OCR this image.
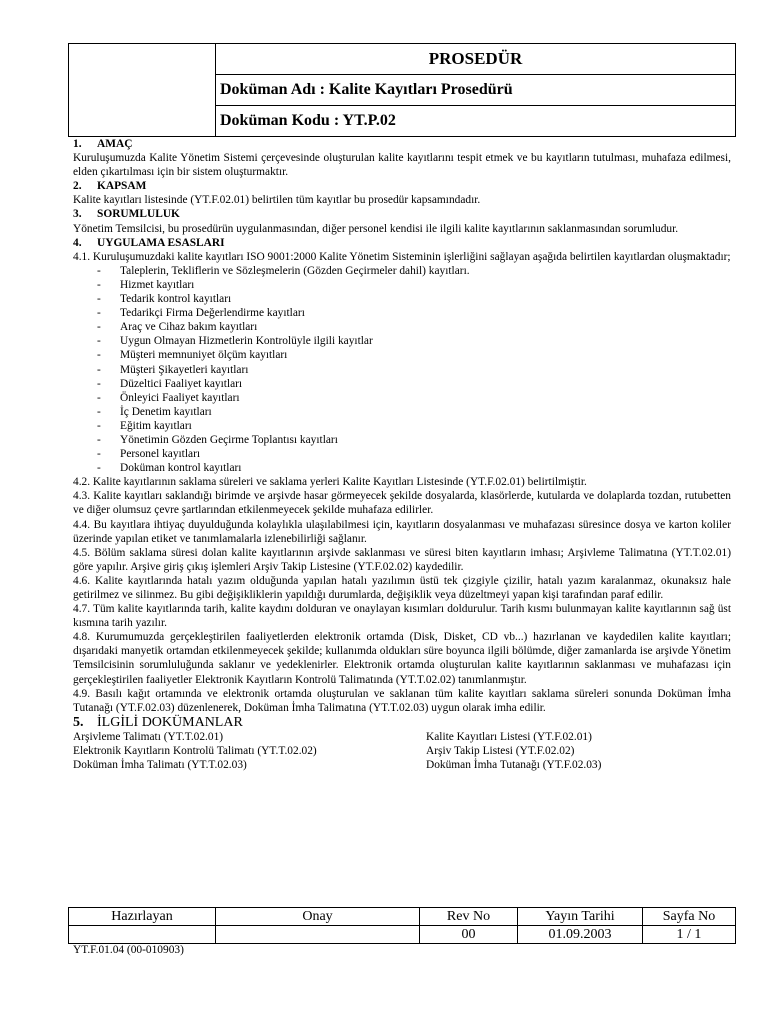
	PROSEDÜR
Doküman Adı : Kalite Kayıtları Prosedürü
Doküman Kodu : YT.P.02
1. AMAÇ

Kuruluşumuzda Kalite Yönetim Sistemi çerçevesinde oluşturulan kalite kayıtlarını tespit etmek ve bu kayıtların tutulması, muhafaza edilmesi, elden çıkartılması için bir sistem oluşturmaktır.

2. KAPSAM

Kalite kayıtları listesinde (YT.F.02.01) belirtilen tüm kayıtlar bu prosedür kapsamındadır.

3. SORUMLULUK

Yönetim Temsilcisi, bu prosedürün uygulanmasından, diğer personel kendisi ile ilgili kalite kayıtlarının saklanmasından sorumludur.

4. UYGULAMA ESASLARI

4.1. Kuruluşumuzdaki kalite kayıtları ISO 9001:2000 Kalite Yönetim Sisteminin işlerliğini sağlayan aşağıda belirtilen kayıtlardan oluşmaktadır;

- Taleplerin, Tekliflerin ve Sözleşmelerin (Gözden Geçirmeler dahil) kayıtları.
- Hizmet kayıtları
- Tedarik kontrol kayıtları
- Tedarikçi Firma Değerlendirme kayıtları
- Araç ve Cihaz bakım kayıtları
- Uygun Olmayan Hizmetlerin Kontrolüyle ilgili kayıtlar
- Müşteri memnuniyet ölçüm kayıtları
- Müşteri Şikayetleri kayıtları
- Düzeltici Faaliyet kayıtları
- Önleyici Faaliyet kayıtları
- İç Denetim kayıtları
- Eğitim kayıtları
- Yönetimin Gözden Geçirme Toplantısı kayıtları
- Personel kayıtları
- Doküman kontrol kayıtları

4.2. Kalite kayıtlarının saklama süreleri ve saklama yerleri Kalite Kayıtları Listesinde (YT.F.02.01) belirtilmiştir.

4.3. Kalite kayıtları saklandığı birimde ve arşivde hasar görmeyecek şekilde dosyalarda, klasörlerde, kutularda ve dolaplarda tozdan, rutubetten ve diğer olumsuz çevre şartlarından etkilenmeyecek şekilde muhafaza edilirler.

4.4. Bu kayıtlara ihtiyaç duyulduğunda kolaylıkla ulaşılabilmesi için, kayıtların dosyalanması ve muhafazası süresince dosya ve karton koliler üzerinde yapılan etiket ve tanımlamalarla izlenebilirliği sağlanır.

4.5. Bölüm saklama süresi dolan kalite kayıtlarının arşivde saklanması ve süresi biten kayıtların imhası; Arşivleme Talimatına (YT.T.02.01) göre yapılır. Arşive giriş çıkış işlemleri Arşiv Takip Listesine (YT.F.02.02) kaydedilir.

4.6. Kalite kayıtlarında hatalı yazım olduğunda yapılan hatalı yazılımın üstü tek çizgiyle çizilir, hatalı yazım karalanmaz, okunaksız hale getirilmez ve silinmez. Bu gibi değişikliklerin yapıldığı durumlarda, değişiklik veya düzeltmeyi yapan kişi tarafından paraf edilir.

4.7. Tüm kalite kayıtlarında tarih, kalite kaydını dolduran ve onaylayan kısımları doldurulur. Tarih kısmı bulunmayan kalite kayıtlarının sağ üst kısmına tarih yazılır.

4.8. Kurumumuzda gerçekleştirilen faaliyetlerden elektronik ortamda (Disk, Disket, CD vb...) hazırlanan ve kaydedilen kalite kayıtları; dışarıdaki manyetik ortamdan etkilenmeyecek şekilde; kullanımda oldukları süre boyunca ilgili bölümde, diğer zamanlarda ise arşivde Yönetim Temsilcisinin sorumluluğunda saklanır ve yedeklenirler. Elektronik ortamda oluşturulan kalite kayıtlarının saklanması ve muhafazası için gerçekleştirilen faaliyetler Elektronik Kayıtların Kontrolü Talimatında (YT.T.02.02) tanımlanmıştır.

4.9. Basılı kağıt ortamında ve elektronik ortamda oluşturulan ve saklanan tüm kalite kayıtları saklama süreleri sonunda Doküman İmha Tutanağı (YT.F.02.03) düzenlenerek, Doküman İmha Talimatına (YT.T.02.03) uygun olarak imha edilir.

5. İLGİLİ DOKÜMANLAR
Arşivleme Talimatı (YT.T.02.01)	Kalite Kayıtları Listesi (YT.F.02.01)
Elektronik Kayıtların Kontrolü Talimatı (YT.T.02.02)	Arşiv Takip Listesi (YT.F.02.02)
Doküman İmha Talimatı (YT.T.02.03)	Doküman İmha Tutanağı (YT.F.02.03)
Hazırlayan	Onay	Rev No	Yayın Tarihi	Sayfa No
		00	01.09.2003	1 / 1
YT.F.01.04 (00-010903)
